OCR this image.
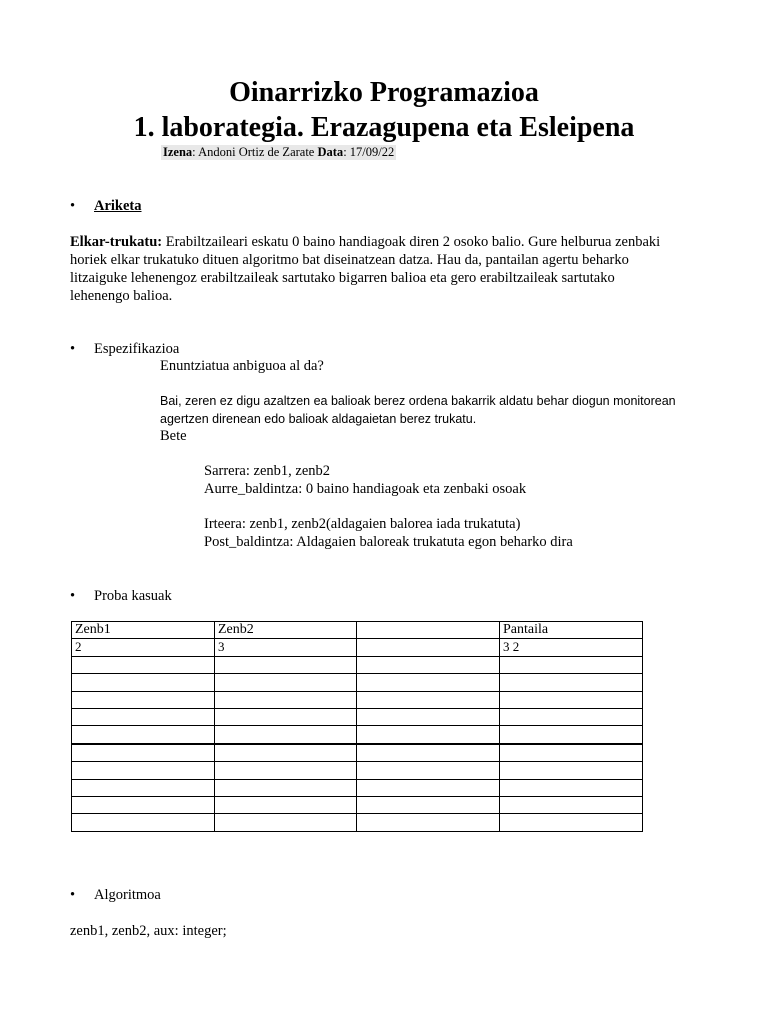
Oinarrizko Programazioa
1. laborategia. Erazagupena eta Esleipena
Izena: Andoni Ortiz de Zarate Data: 17/09/22
• Ariketa
Elkar-trukatu: Erabiltzaileari eskatu 0 baino handiagoak diren 2 osoko balio. Gure helburua zenbaki
horiek elkar trukatuko dituen algoritmo bat diseinatzean datza. Hau da, pantailan agertu beharko
litzaiguke lehenengoz erabiltzaileak sartutako bigarren balioa eta gero erabiltzaileak sartutako
lehenengo balioa.
• Espezifikazioa
Enuntziatua anbiguoa al da?
Bai, zeren ez digu azaltzen ea balioak berez ordena bakarrik aldatu behar diogun monitorean
agertzen direnean edo balioak aldagaietan berez trukatu.
Bete
Sarrera: zenb1, zenb2
Aurre_baldintza: 0 baino handiagoak eta zenbaki osoak
Irteera: zenb1, zenb2(aldagaien balorea iada trukatuta)
Post_baldintza: Aldagaien baloreak trukatuta egon beharko dira
• Proba kasuak
Zenb1	Zenb2		Pantaila
2	3		3 2

• Algoritmoa
zenb1, zenb2, aux: integer;
